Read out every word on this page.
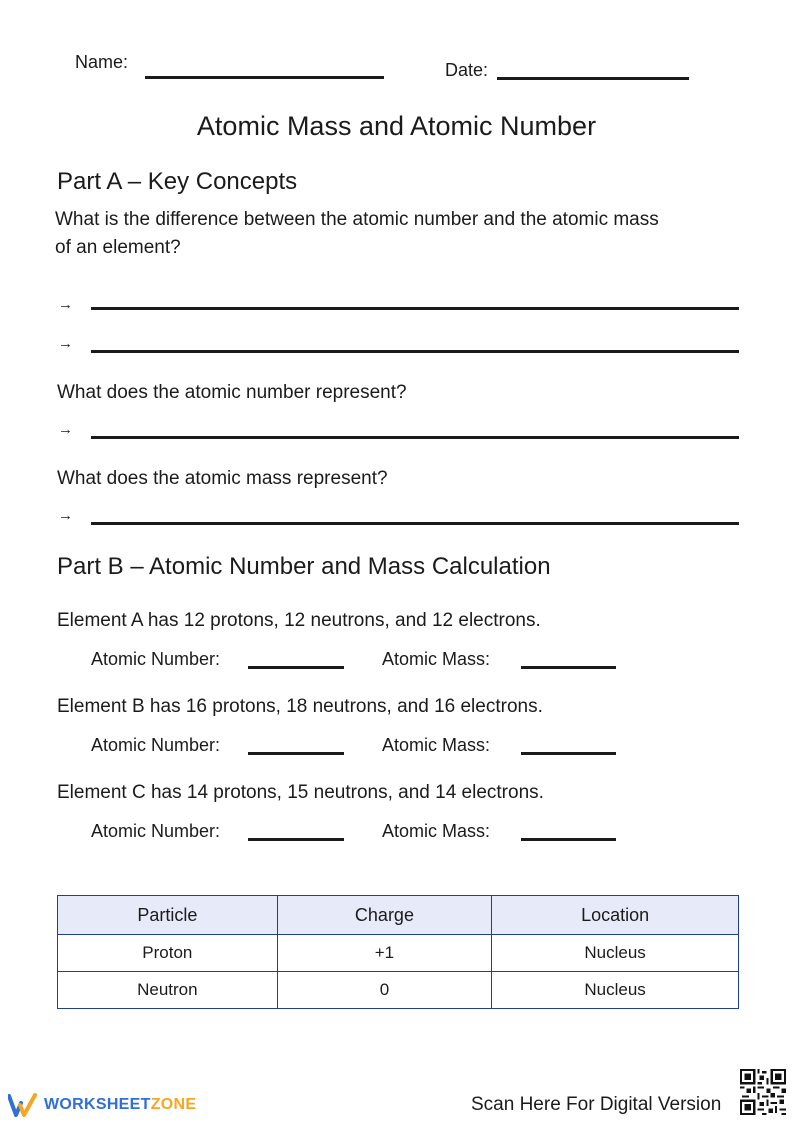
Name:	Date:
Atomic Mass and Atomic Number
Part A – Key Concepts
What is the difference between the atomic number and the atomic mass
of an element?
→
→
What does the atomic number represent?
→
What does the atomic mass represent?
→
Part B – Atomic Number and Mass Calculation
Element A has 12 protons, 12 neutrons, and 12 electrons.
Atomic Number:	Atomic Mass:
Element B has 16 protons, 18 neutrons, and 16 electrons.
Atomic Number:	Atomic Mass:
Element C has 14 protons, 15 neutrons, and 14 electrons.
Atomic Number:	Atomic Mass:
Particle	Charge	Location
Proton	+1	Nucleus
Neutron	0	Nucleus
WORKSHEETZONE	Scan Here For Digital Version
